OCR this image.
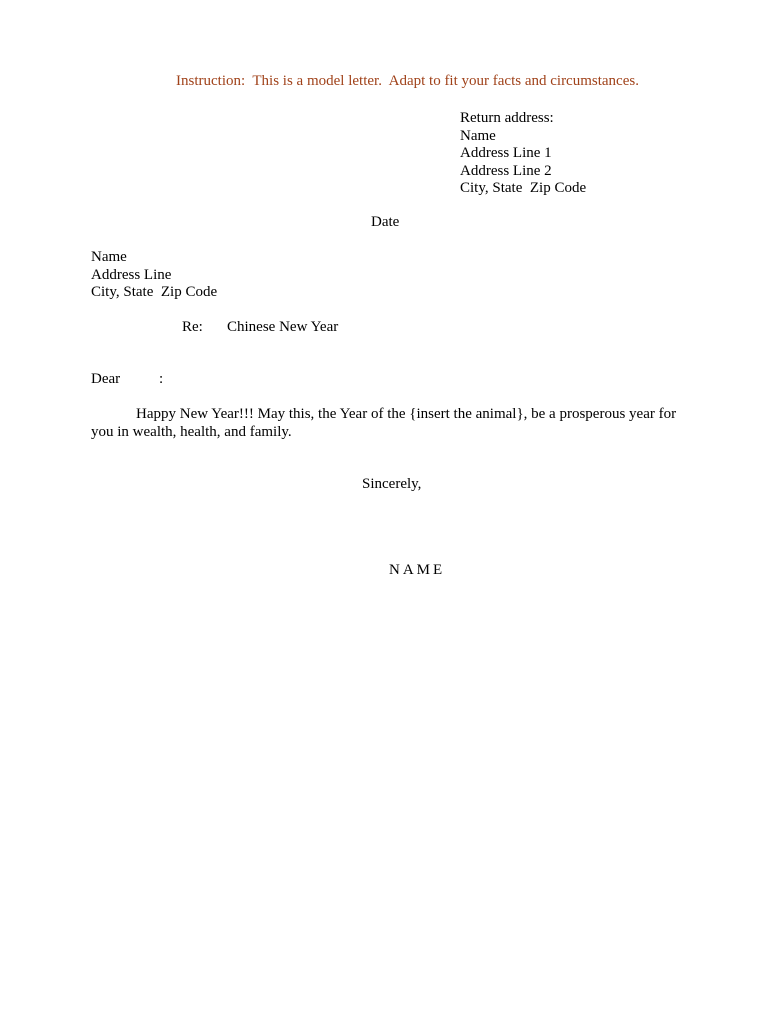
Instruction:  This is a model letter.  Adapt to fit your facts and circumstances.
Return address:
Name
Address Line 1
Address Line 2
City, State  Zip Code
Date
Name
Address Line
City, State  Zip Code
Re: Chinese New Year
Dear	:
Happy New Year!!! May this, the Year of the {insert the animal}, be a prosperous year for you in wealth, health, and family.
Sincerely,

NAME
